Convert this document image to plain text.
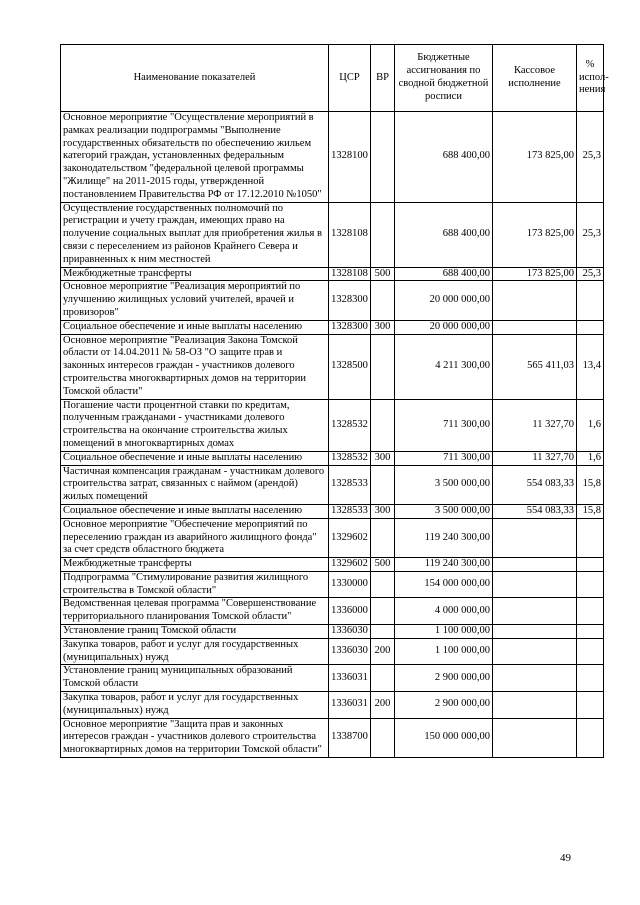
Наименование показателей	ЦСР	ВР	Бюджетные ассигнования по сводной бюджетной росписи	Кассовое исполнение	% испол-нения
Основное мероприятие "Осуществление мероприятий в рамках реализации подпрограммы "Выполнение государственных обязательств по обеспечению жильем категорий граждан, установленных федеральным законодательством "федеральной целевой программы "Жилище" на 2011-2015 годы, утвержденной постановлением Правительства РФ от 17.12.2010 №1050"	1328100		688 400,00	173 825,00	25,3
Осуществление государственных полномочий по регистрации и учету граждан, имеющих право на получение социальных выплат для приобретения жилья в связи с переселением из районов Крайнего Севера и приравненных к ним местностей	1328108		688 400,00	173 825,00	25,3
Межбюджетные трансферты	1328108	500	688 400,00	173 825,00	25,3
Основное мероприятие "Реализация мероприятий по улучшению жилищных условий учителей, врачей и провизоров"	1328300		20 000 000,00		
Социальное обеспечение и иные выплаты населению	1328300	300	20 000 000,00		
Основное мероприятие "Реализация Закона Томской области от 14.04.2011 № 58-ОЗ "О защите прав и законных интересов граждан - участников долевого строительства многоквартирных домов на территории Томской области"	1328500		4 211 300,00	565 411,03	13,4
Погашение части процентной ставки по кредитам, полученным гражданами - участниками долевого строительства на окончание строительства жилых помещений в многоквартирных домах	1328532		711 300,00	11 327,70	1,6
Социальное обеспечение и иные выплаты населению	1328532	300	711 300,00	11 327,70	1,6
Частичная компенсация гражданам - участникам долевого строительства затрат, связанных с наймом (арендой) жилых помещений	1328533		3 500 000,00	554 083,33	15,8
Социальное обеспечение и иные выплаты населению	1328533	300	3 500 000,00	554 083,33	15,8
Основное мероприятие "Обеспечение мероприятий по переселению граждан из аварийного жилищного фонда" за счет средств областного бюджета	1329602		119 240 300,00		
Межбюджетные трансферты	1329602	500	119 240 300,00		
Подпрограмма "Стимулирование развития жилищного строительства в Томской области"	1330000		154 000 000,00		
Ведомственная целевая программа "Совершенствование территориального планирования Томской области"	1336000		4 000 000,00		
Установление границ Томской области	1336030		1 100 000,00		
Закупка товаров, работ и услуг для государственных (муниципальных) нужд	1336030	200	1 100 000,00		
Установление границ муниципальных образований Томской области	1336031		2 900 000,00		
Закупка товаров, работ и услуг для государственных (муниципальных) нужд	1336031	200	2 900 000,00		
Основное мероприятие "Защита прав и законных интересов граждан - участников долевого строительства многоквартирных домов на территории Томской области"	1338700		150 000 000,00		
49
